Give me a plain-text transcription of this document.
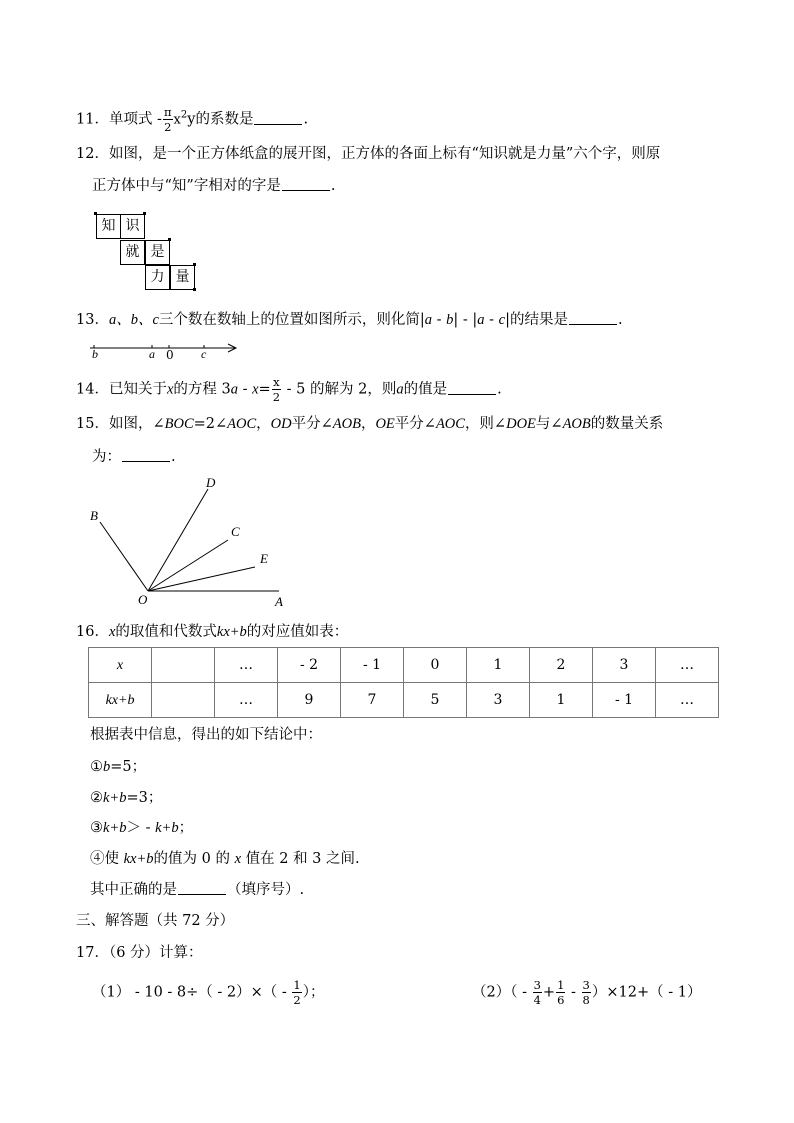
11．单项式 - $\frac{\pi}{2} x^2y$的系数是	.
12．如图，是一个正方体纸盒的展开图，正方体的各面上标有“知识就是力量”六个字，则原
正方体中与“知”字相对的字是	.
知 识
就 是
力 量
13．a、b、c三个数在数轴上的位置如图所示，则化简|a - b| - |a - c|的结果是	.
b	a 0 c
14．已知关于x的方程 $3a - x= \frac{x}{2} - 5$ 的解为 2，则a的值是	.
15．如图，∠BOC=2∠AOC，OD平分∠AOB，OE平分∠AOC，则∠DOE与∠AOB的数量关系
为：	.
B
D
C
E
O	A
16．x的取值和代数式kx+b的对应值如表：
x		…	- 2	- 1	0	1	2	3	…
kx+b		…	9	7	5	3	1	- 1	…
根据表中信息，得出的如下结论中：
①b=5；
②k+b=3；
③k+b＞ - k+b；
④使 kx+b的值为 0 的 x 值在 2 和 3 之间.
其中正确的是	（填序号）.
三、解答题（共 72 分）
17．（6 分）计算：
$(1) - 10 - 8\div( - 2)\times( - \frac{1}{2}$ ）；	$(2)( - \frac{3}{4} + \frac{1}{6} - \frac{3}{8} )\times 12+( - 1)$
